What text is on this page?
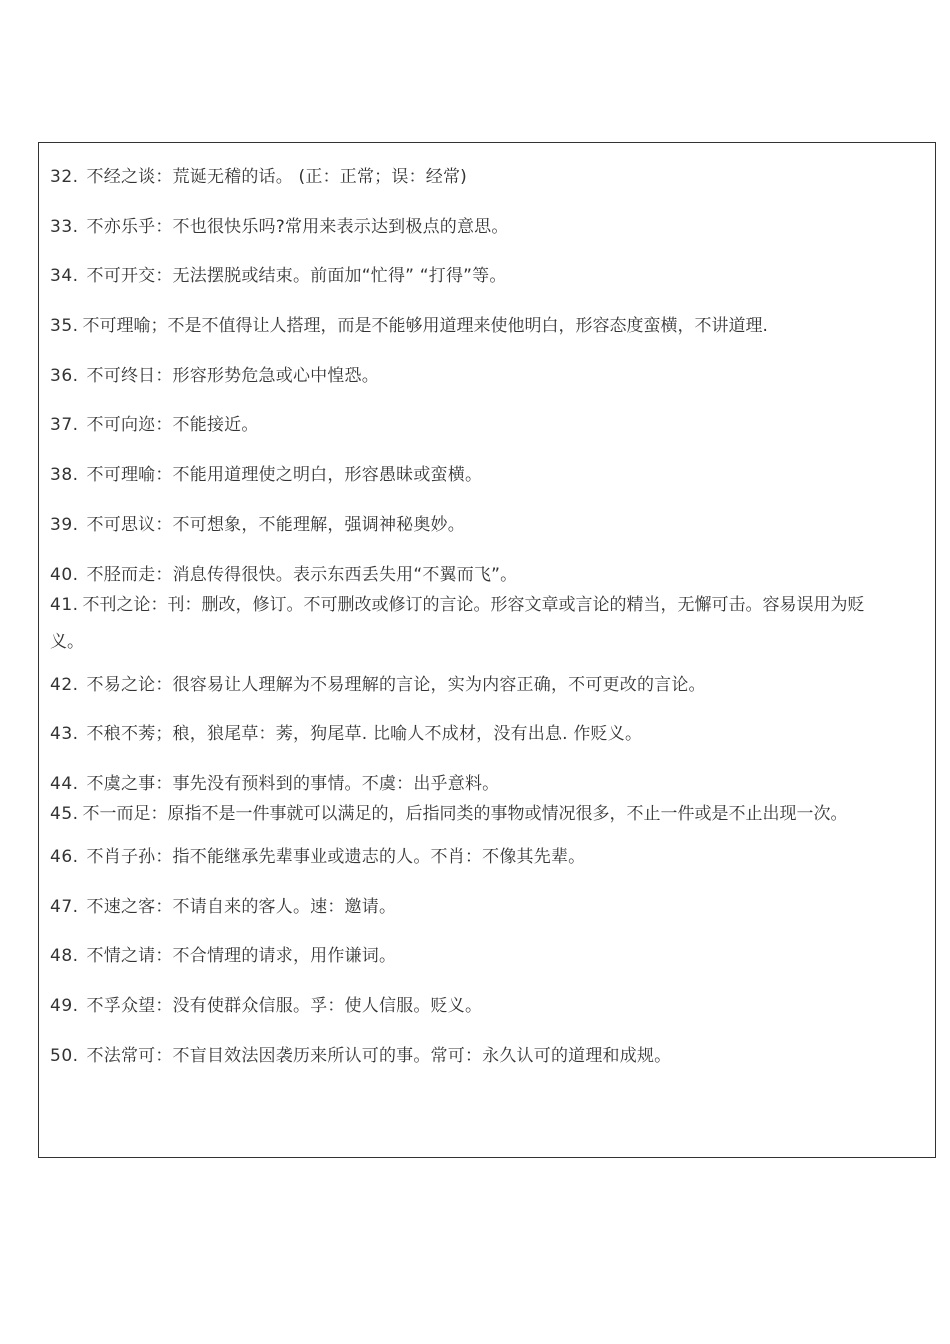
32. 不经之谈：荒诞无稽的话。 (正：正常；误：经常)
33. 不亦乐乎：不也很快乐吗?常用来表示达到极点的意思。
34. 不可开交：无法摆脱或结束。前面加“忙得” “打得”等。
35. 不可理喻；不是不值得让人搭理，而是不能够用道理来使他明白，形容态度蛮横，不讲道理.
36. 不可终日：形容形势危急或心中惶恐。
37. 不可向迩：不能接近。
38. 不可理喻：不能用道理使之明白，形容愚昧或蛮横。
39. 不可思议：不可想象，不能理解，强调神秘奥妙。
40. 不胫而走：消息传得很快。表示东西丢失用“不翼而飞”。
41. 不刊之论：刊：删改，修订。不可删改或修订的言论。形容文章或言论的精当，无懈可击。容易误用为贬义。
42. 不易之论：很容易让人理解为不易理解的言论，实为内容正确，不可更改的言论。
43. 不稂不莠；稂，狼尾草：莠，狗尾草. 比喻人不成材，没有出息. 作贬义。
44. 不虞之事：事先没有预料到的事情。不虞：出乎意料。
45. 不一而足：原指不是一件事就可以满足的，后指同类的事物或情况很多，不止一件或是不止出现一次。
46. 不肖子孙：指不能继承先辈事业或遗志的人。不肖：不像其先辈。
47. 不速之客：不请自来的客人。速：邀请。
48. 不情之请：不合情理的请求，用作谦词。
49. 不孚众望：没有使群众信服。孚：使人信服。贬义。
50. 不法常可：不盲目效法因袭历来所认可的事。常可：永久认可的道理和成规。
